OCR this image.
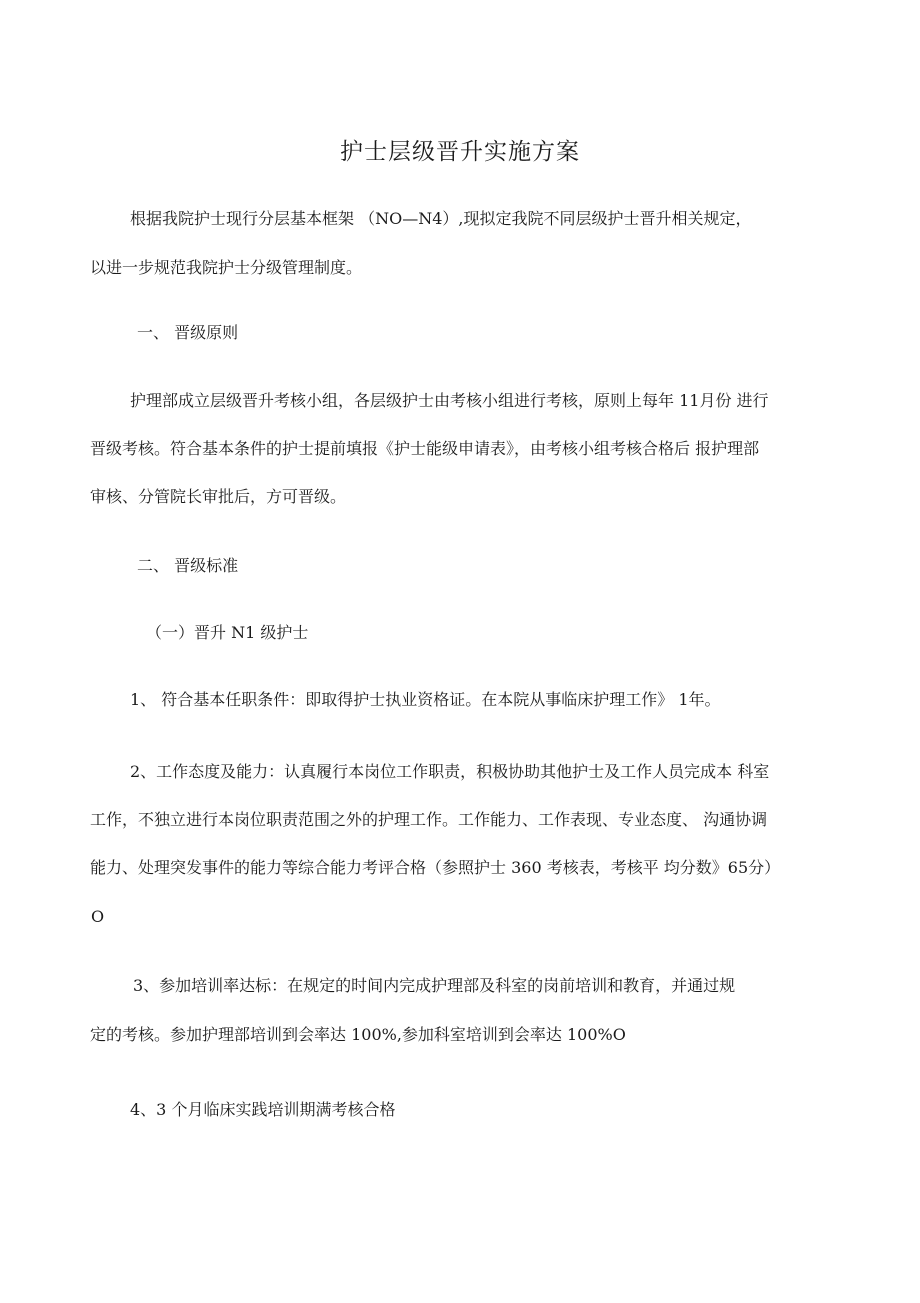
护士层级晋升实施方案

根据我院护士现行分层基本框架 （NO—N4）,现拟定我院不同层级护士晋升相关规定，

以进一步规范我院护士分级管理制度。

一、 晋级原则

护理部成立层级晋升考核小组，各层级护士由考核小组进行考核，原则上每年 11月份 进行

晋级考核。符合基本条件的护士提前填报《护士能级申请表》，由考核小组考核合格后 报护理部

审核、分管院长审批后，方可晋级。

二、 晋级标准

（一）晋升 N1 级护士

1、 符合基本任职条件：即取得护士执业资格证。在本院从事临床护理工作》 1年。

2、工作态度及能力：认真履行本岗位工作职责，积极协助其他护士及工作人员完成本 科室

工作，不独立进行本岗位职责范围之外的护理工作。工作能力、工作表现、专业态度、 沟通协调

能力、处理突发事件的能力等综合能力考评合格（参照护士 360 考核表，考核平 均分数》65分）

O

3、参加培训率达标：在规定的时间内完成护理部及科室的岗前培训和教育，并通过规

定的考核。参加护理部培训到会率达 100%,参加科室培训到会率达 100%O

4、3 个月临床实践培训期满考核合格
